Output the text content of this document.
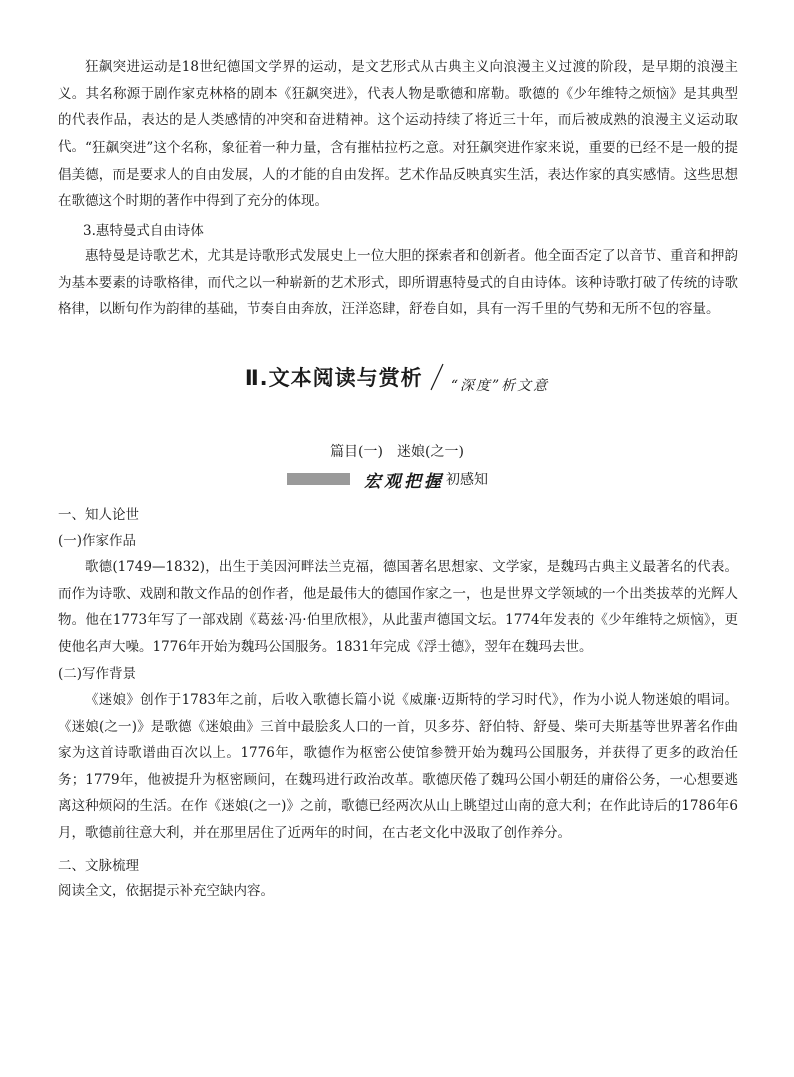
狂飙突进运动是18世纪德国文学界的运动，是文艺形式从古典主义向浪漫主义过渡的阶段，是早期的浪漫主义。其名称源于剧作家克林格的剧本《狂飙突进》，代表人物是歌德和席勒。歌德的《少年维特之烦恼》是其典型的代表作品，表达的是人类感情的冲突和奋进精神。这个运动持续了将近三十年，而后被成熟的浪漫主义运动取代。 “狂飙突进”这个名称，象征着一种力量，含有摧枯拉朽之意。对狂飙突进作家来说，重要的已经不是一般的提倡美德，而是要求人的自由发展，人的才能的自由发挥。艺术作品反映真实生活，表达作家的真实感情。这些思想在歌德这个时期的著作中得到了充分的体现。

3.惠特曼式自由诗体

惠特曼是诗歌艺术，尤其是诗歌形式发展史上一位大胆的探索者和创新者。他全面否定了以音节、重音和押韵为基本要素的诗歌格律，而代之以一种崭新的艺术形式，即所谓惠特曼式的自由诗体。该种诗歌打破了传统的诗歌格律，以断句作为韵律的基础，节奏自由奔放，汪洋恣肆，舒卷自如，具有一泻千里的气势和无所不包的容量。

Ⅱ.文本阅读与赏析 “深度”析文意
篇目(一)　迷娘(之一)
宏观把握 初感知

一、知人论世

(一)作家作品

歌德(1749—1832)，出生于美因河畔法兰克福，德国著名思想家、文学家，是魏玛古典主义最著名的代表。而作为诗歌、戏剧和散文作品的创作者，他是最伟大的德国作家之一，也是世界文学领域的一个出类拔萃的光辉人物。他在1773年写了一部戏剧《葛兹·冯·伯里欣根》，从此蜚声德国文坛。1774年发表的《少年维特之烦恼》，更使他名声大噪。1776年开始为魏玛公国服务。1831年完成《浮士德》，翌年在魏玛去世。

(二)写作背景

《迷娘》创作于1783年之前，后收入歌德长篇小说《威廉·迈斯特的学习时代》，作为小说人物迷娘的唱词。《迷娘(之一)》是歌德《迷娘曲》三首中最脍炙人口的一首，贝多芬、舒伯特、舒曼、柴可夫斯基等世界著名作曲家为这首诗歌谱曲百次以上。1776年，歌德作为枢密公使馆参赞开始为魏玛公国服务，并获得了更多的政治任务；1779年，他被提升为枢密顾问，在魏玛进行政治改革。歌德厌倦了魏玛公国小朝廷的庸俗公务，一心想要逃离这种烦闷的生活。在作《迷娘(之一)》之前，歌德已经两次从山上眺望过山南的意大利；在作此诗后的1786年6月，歌德前往意大利，并在那里居住了近两年的时间，在古老文化中汲取了创作养分。

二、文脉梳理

阅读全文，依据提示补充空缺内容。
